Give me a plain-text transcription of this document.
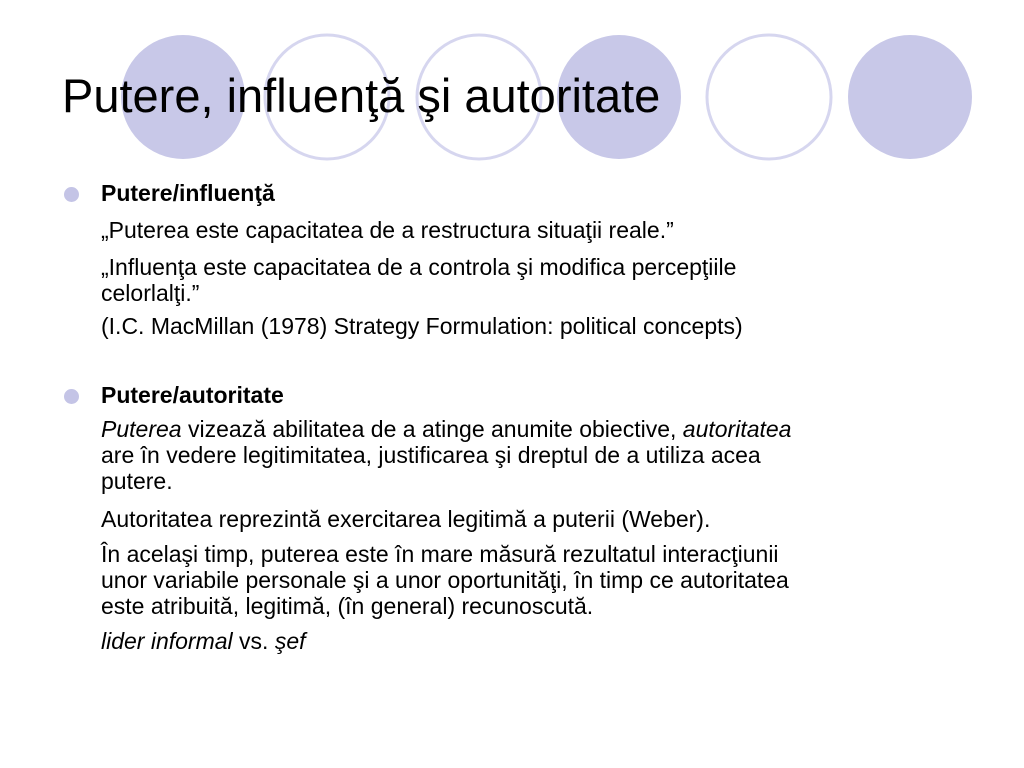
Putere, influenţă şi autoritate
Putere/influenţă
„Puterea este capacitatea de a restructura situaţii reale.”
„Influenţa este capacitatea de a controla şi modifica percepţiile
celorlalţi.”
(I.C. MacMillan (1978) Strategy Formulation: political concepts)
Putere/autoritate
Puterea vizează abilitatea de a atinge anumite obiective, autoritatea
are în vedere legitimitatea, justificarea şi dreptul de a utiliza acea
putere.
Autoritatea reprezintă exercitarea legitimă a puterii (Weber).
În acelaşi timp, puterea este în mare măsură rezultatul interacţiunii
unor variabile personale şi a unor oportunităţi, în timp ce autoritatea
este atribuită, legitimă, (în general) recunoscută.
lider informal vs. şef
